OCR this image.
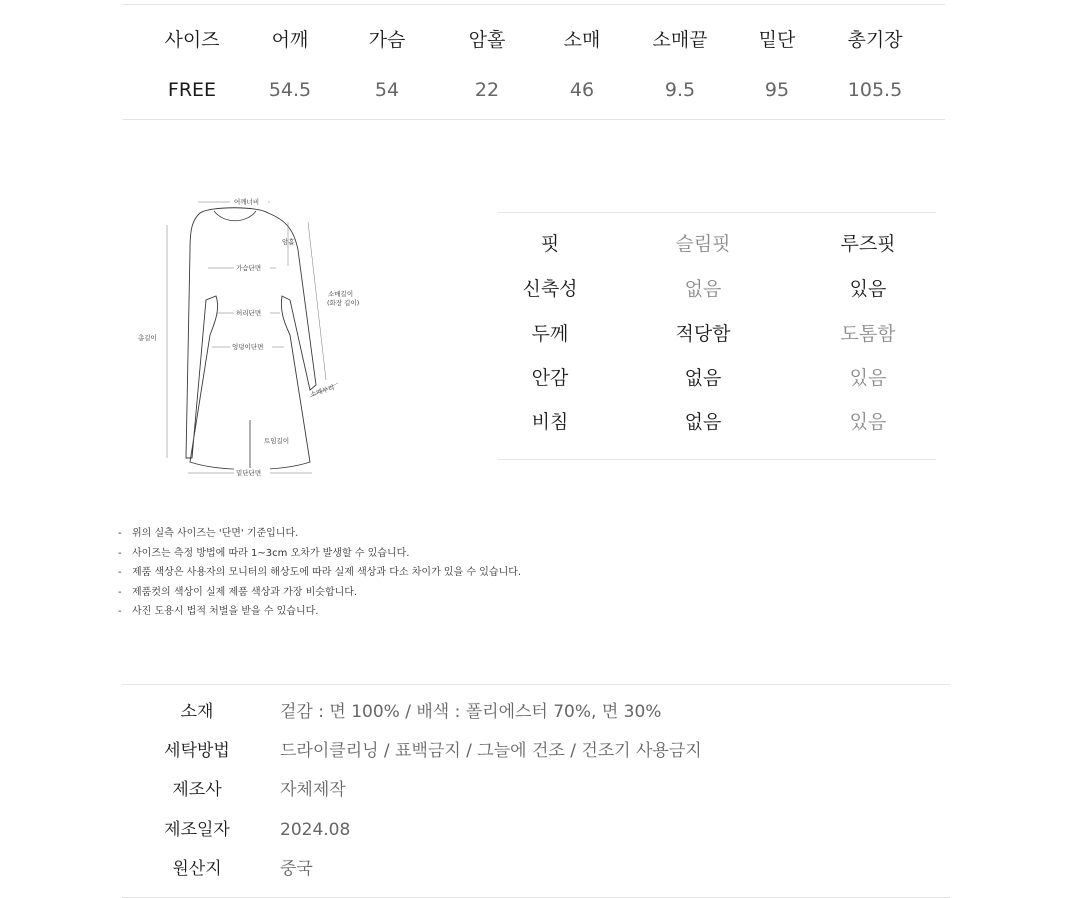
사이즈	어깨	가슴	암홀	소매	소매끝	밑단	총기장
FREE	54.5	54	22	46	9.5	95	105.5
어깨너비
암홀
가슴단면
허리단면
엉덩이단면
총길이
소매길이
(화장 길이)
소매부리
트임길이
밑단단면
핏	슬림핏	루즈핏
신축성	없음	있음
두께	적당함	도톰함
안감	없음	있음
비침	없음	있음
- 위의 실측 사이즈는 '단면' 기준입니다.
- 사이즈는 측정 방법에 따라 1~3cm 오차가 발생할 수 있습니다.
- 제품 색상은 사용자의 모니터의 해상도에 따라 실제 색상과 다소 차이가 있을 수 있습니다.
- 제품컷의 색상이 실제 제품 색상과 가장 비슷합니다.
- 사진 도용시 법적 처벌을 받을 수 있습니다.
소재	겉감 : 면 100% / 배색 : 폴리에스터 70%, 면 30%
세탁방법	드라이클리닝 / 표백금지 / 그늘에 건조 / 건조기 사용금지
제조사	자체제작
제조일자	2024.08
원산지	중국
